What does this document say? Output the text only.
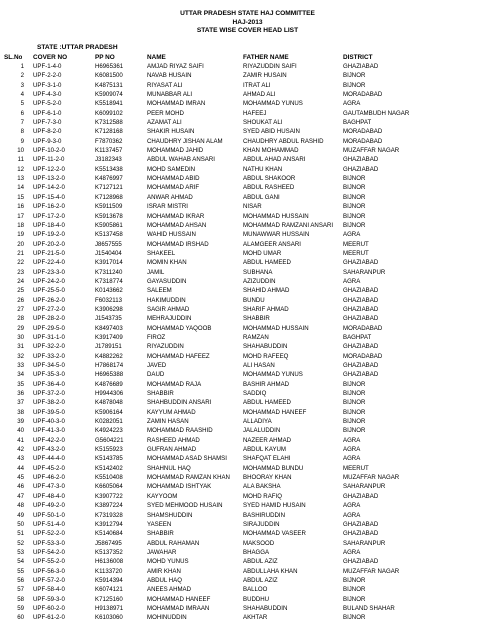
UTTAR PRADESH STATE HAJ COMMITTEE
HAJ-2013
STATE WISE COVER HEAD LIST
STATE :UTTAR PRADESH
SL.No COVER NO	PP NO	NAME	FATHER NAME	DISTRICT
1 UPF-1-4-0	H6965361	AMJAD RIYAZ SAIFI	RIYAZUDDIN SAIFI	GHAZIABAD
2 UPF-2-2-0	K6081500	NAVAB HUSAIN	ZAMIR HUSAIN	BIJNOR
3 UPF-3-1-0	K4875131	RIYASAT ALI	ITRAT ALI	BIJNOR
4 UPF-4-3-0	K5909074	MUNABBAR ALI	AHMAD ALI	MORADABAD
5 UPF-5-2-0	K5518941	MOHAMMAD IMRAN	MOHAMMAD YUNUS	AGRA
6 UPF-6-1-0	K6099102	PEER MOHD	HAFEEJ	GAUTAMBUDH NAGAR
7 UPF-7-3-0	K7312588	AZAMAT ALI	SHOUKAT ALI	BAGHPAT
8 UPF-8-2-0	K7128168	SHAKIR HUSAIN	SYED ABID HUSAIN	MORADABAD
9 UPF-9-3-0	F7870362	CHAUDHRY JISHAN ALAM	CHAUDHRY ABDUL RASHID	MORADABAD
10 UPF-10-2-0	K1137457	MOHAMMAD JAHID	KHAN MOHAMMAD	MUZAFFAR NAGAR
11 UPF-11-2-0	J3182343	ABDUL WAHAB ANSARI	ABDUL AHAD ANSARI	GHAZIABAD
12 UPF-12-2-0	K5513438	MOHD SAMEDIN	NATHU KHAN	GHAZIABAD
13 UPF-13-2-0	K4876997	MOHAMMAD ABID	ABDUL SHAKOOR	BIJNOR
14 UPF-14-2-0	K7127121	MOHAMMAD ARIF	ABDUL RASHEED	BIJNOR
15 UPF-15-4-0	K7128968	ANWAR AHMAD	ABDUL GANI	BIJNOR
16 UPF-16-2-0	K5911509	ISRAR MISTRI	NISAR	BIJNOR
17 UPF-17-2-0	K5913678	MOHAMMAD IKRAR	MOHAMMAD HUSSAIN	BIJNOR
18 UPF-18-4-0	K5905861	MOHAMMAD AHSAN	MOHAMMAD RAMZANI ANSARI	BIJNOR
19 UPF-19-2-0	K5137458	WAHID HUSSAIN	MUNAWWAR HUSSAIN	AGRA
20 UPF-20-2-0	J8657555	MOHAMMAD IRSHAD	ALAMGEER ANSARI	MEERUT
21 UPF-21-5-0	J1540404	SHAKEEL	MOHD UMAR	MEERUT
22 UPF-22-4-0	K3917014	MOMIN KHAN	ABDUL HAMEED	GHAZIABAD
23 UPF-23-3-0	K7311240	JAMIL	SUBHANA	SAHARANPUR
24 UPF-24-2-0	K7318774	GAYASUDDIN	AZIZUDDIN	AGRA
25 UPF-25-5-0	K0143662	SALEEM	SHAHID AHMAD	GHAZIABAD
26 UPF-26-2-0	F6032113	HAKIMUDDIN	BUNDU	GHAZIABAD
27 UPF-27-2-0	K3906298	SAGIR AHMAD	SHARIF AHMAD	GHAZIABAD
28 UPF-28-2-0	J1543735	MEHRAJUDDIN	SHABBIR	GHAZIABAD
29 UPF-29-5-0	K8497403	MOHAMMAD YAQOOB	MOHAMMAD HUSSAIN	MORADABAD
30 UPF-31-1-0	K3917409	FIROZ	RAMZAN	BAGHPAT
31 UPF-32-2-0	J1789151	RIYAZUDDIN	SHAHABUDDIN	GHAZIABAD
32 UPF-33-2-0	K4882262	MOHAMMAD HAFEEZ	MOHD RAFEEQ	MORADABAD
33 UPF-34-5-0	H7868174	JAVED	ALI HASAN	GHAZIABAD
34 UPF-35-3-0	H6965388	DAUD	MOHAMMAD YUNUS	GHAZIABAD
35 UPF-36-4-0	K4876689	MOHAMMAD RAJA	BASHIR AHMAD	BIJNOR
36 UPF-37-2-0	H9944306	SHABBIR	SADDIQ	BIJNOR
37 UPF-38-2-0	K4878048	SHAHBUDDIN ANSARI	ABDUL HAMEED	BIJNOR
38 UPF-39-5-0	K5906164	KAYYUM AHMAD	MOHAMMAD HANEEF	BIJNOR
39 UPF-40-3-0	K0282051	ZAMIN HASAN	ALLADIYA	BIJNOR
40 UPF-41-3-0	K4924223	MOHAMMAD RAASHID	JALALUDDIN	BIJNOR
41 UPF-42-2-0	G5604221	RASHEED AHMAD	NAZEER AHMAD	AGRA
42 UPF-43-2-0	K5155923	GUFRAN AHMAD	ABDUL KAYUM	AGRA
43 UPF-44-4-0	K5143785	MOHAMMAD ASAD SHAMSI	SHAFQAT ELAHI	AGRA
44 UPF-45-2-0	K5142402	SHAHNUL HAQ	MOHAMMAD BUNDU	MEERUT
45 UPF-46-2-0	K5510408	MOHAMMAD RAMZAN KHAN	BHOORAY KHAN	MUZAFFAR NAGAR
46 UPF-47-3-0	K6605064	MOHAMMAD ISHTYAK	ALA BAKSHA	SAHARANPUR
47 UPF-48-4-0	K3907722	KAYYOOM	MOHD RAFIQ	GHAZIABAD
48 UPF-49-2-0	K3897224	SYED MEHMOOD HUSAIN	SYED HAMID HUSAIN	AGRA
49 UPF-50-1-0	K7319328	SHAMSHUDDIN	BASHIRUDDIN	AGRA
50 UPF-51-4-0	K3912794	YASEEN	SIRAJUDDIN	GHAZIABAD
51 UPF-52-2-0	K5140684	SHABBIR	MOHAMMAD VASEER	GHAZIABAD
52 UPF-53-3-0	J5867495	ABDUL RAHAMAN	MAKSOOD	SAHARANPUR
53 UPF-54-2-0	K5137352	JAWAHAR	BHAGGA	AGRA
54 UPF-55-2-0	H6136008	MOHD YUNUS	ABDUL AZIZ	GHAZIABAD
55 UPF-56-3-0	K1133720	AMIR KHAN	ABDULLAHA KHAN	MUZAFFAR NAGAR
56 UPF-57-2-0	K5914394	ABDUL HAQ	ABDUL AZIZ	BIJNOR
57 UPF-58-4-0	K6074121	ANEES AHMAD	BALLOO	BIJNOR
58 UPF-59-3-0	K7125160	MOHAMMAD HANEEF	BUDDHU	BIJNOR
59 UPF-60-2-0	H9138971	MOHAMMAD IMRAAN	SHAHABUDDIN	BULAND SHAHAR
60 UPF-61-2-0	K6103060	MOHINUDDIN	AKHTAR	BIJNOR
